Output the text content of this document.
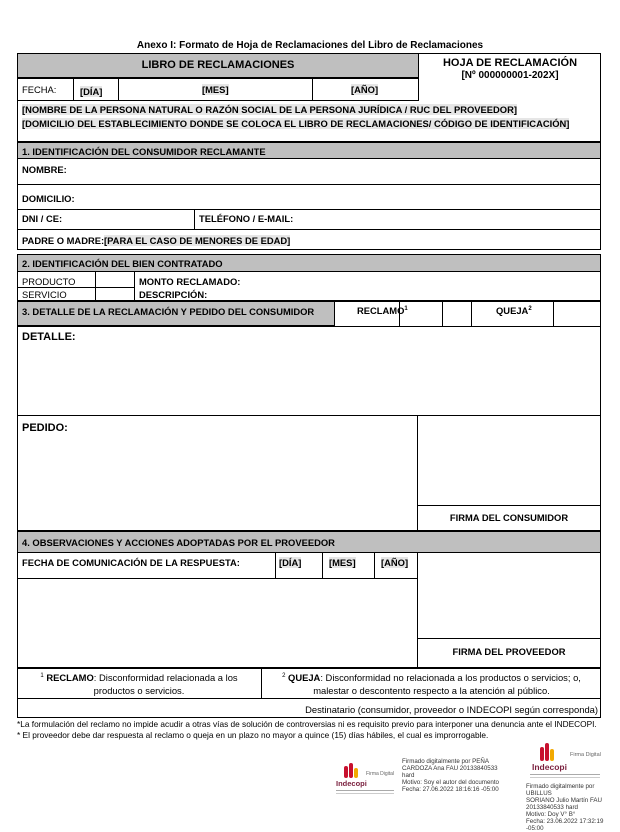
Anexo I: Formato de Hoja de Reclamaciones del Libro de Reclamaciones
LIBRO DE RECLAMACIONES	HOJA DE RECLAMACIÓN
[Nº 000000001-202X]
FECHA:	[DÍA]	[MES]	[AÑO]
[NOMBRE DE LA PERSONA NATURAL O RAZÓN SOCIAL DE LA PERSONA JURÍDICA / RUC DEL PROVEEDOR]
[DOMICILIO DEL ESTABLECIMIENTO DONDE SE COLOCA EL LIBRO DE RECLAMACIONES/ CÓDIGO DE IDENTIFICACIÓN]
1. IDENTIFICACIÓN DEL CONSUMIDOR RECLAMANTE
NOMBRE:
DOMICILIO:
DNI / CE:	TELÉFONO / E-MAIL:
PADRE O MADRE: [PARA EL CASO DE MENORES DE EDAD]
2. IDENTIFICACIÓN DEL BIEN CONTRATADO
PRODUCTO
SERVICIO
MONTO RECLAMADO:
DESCRIPCIÓN:
3. DETALLE DE LA RECLAMACIÓN Y PEDIDO DEL CONSUMIDOR	RECLAMO$^1$	QUEJA$^2$
DETALLE:
PEDIDO:
FIRMA DEL CONSUMIDOR
4. OBSERVACIONES Y ACCIONES ADOPTADAS POR EL PROVEEDOR
FECHA DE COMUNICACIÓN DE LA RESPUESTA:	[DÍA]	[MES]	[AÑO]
FIRMA DEL PROVEEDOR
$^1$ RECLAMO: Disconformidad relacionada a los
productos o servicios.
$^2$ QUEJA: Disconformidad no relacionada a los productos o servicios; o,
malestar o descontento respecto a la atención al público.
Destinatario (consumidor, proveedor o INDECOPI según corresponda)
*La formulación del reclamo no impide acudir a otras vías de solución de controversias ni es requisito previo para interponer una denuncia ante el INDECOPI.
* El proveedor debe dar respuesta al reclamo o queja en un plazo no mayor a quince (15) días hábiles, el cual es improrrogable.
Indecopi
Firma Digital
Firmado digitalmente por PEÑA
CARDOZA Ana FAU 20133840533
hard
Motivo: Soy el autor del documento
Fecha: 27.06.2022 18:16:16 -05:00
Indecopi
Firma Digital
Firmado digitalmente por UBILLUS
SORIANO Julio Martín FAU
20133840533 hard
Motivo: Doy V° B°
Fecha: 23.06.2022 17:32:19 -05:00
